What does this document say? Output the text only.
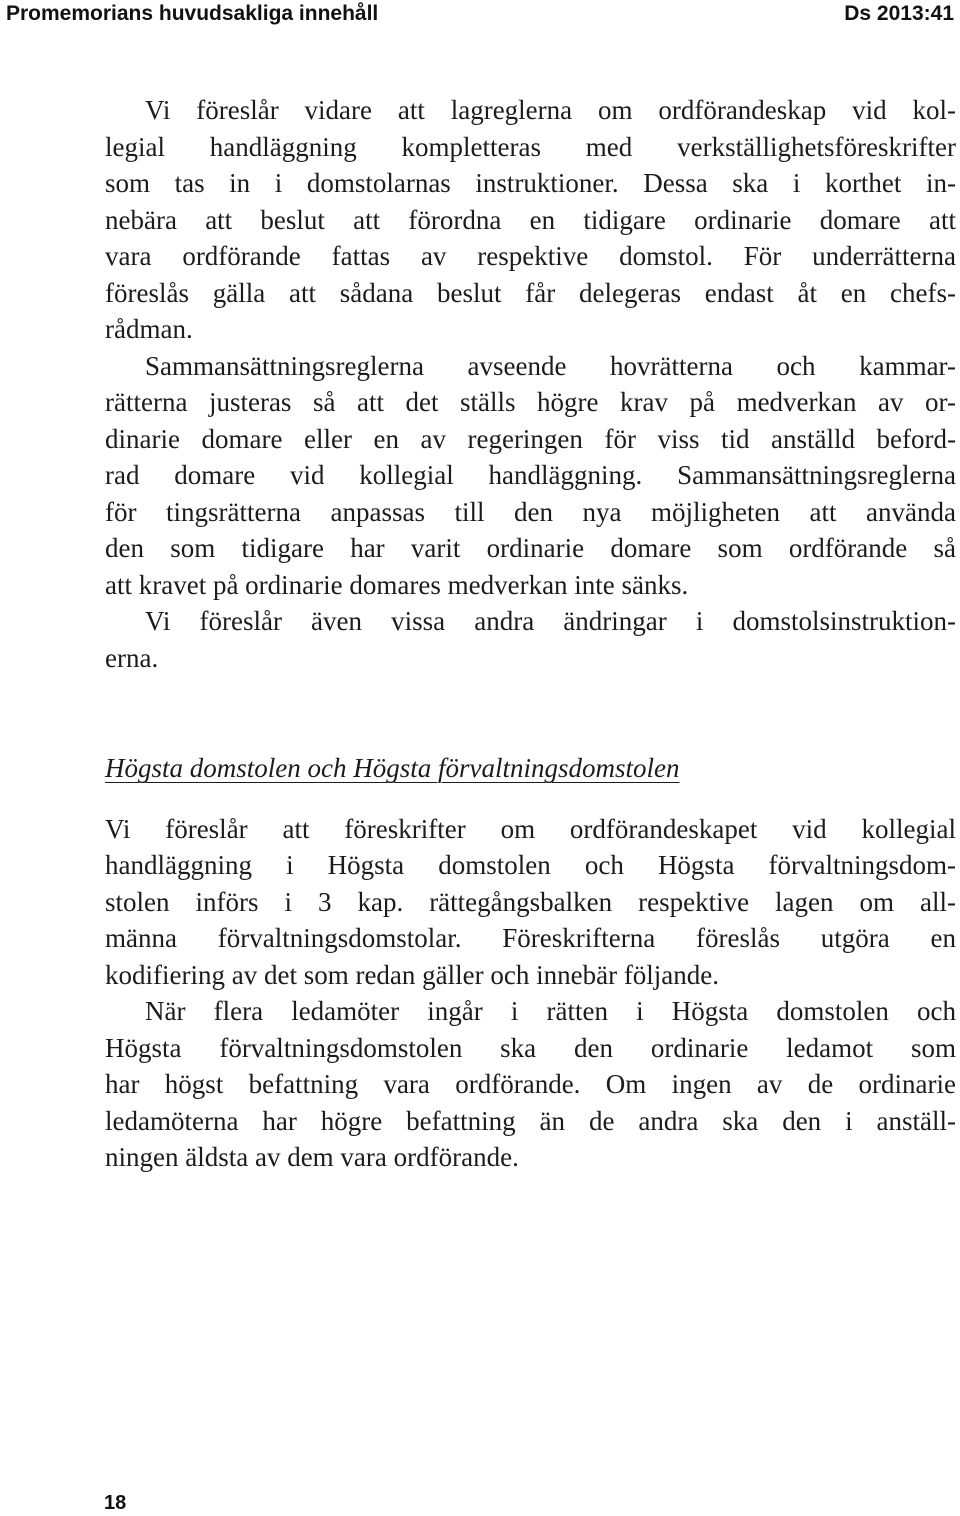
Promemorians huvudsakliga innehåll	Ds 2013:41
Vi föreslår vidare att lagreglerna om ordförandeskap vid kol-
legial handläggning kompletteras med verkställighetsföreskrifter
som tas in i domstolarnas instruktioner. Dessa ska i korthet in-
nebära att beslut att förordna en tidigare ordinarie domare att
vara ordförande fattas av respektive domstol. För underrätterna
föreslås gälla att sådana beslut får delegeras endast åt en chefs-
rådman.
Sammansättningsreglerna avseende hovrätterna och kammar-
rätterna justeras så att det ställs högre krav på medverkan av or-
dinarie domare eller en av regeringen för viss tid anställd beford-
rad domare vid kollegial handläggning. Sammansättningsreglerna
för tingsrätterna anpassas till den nya möjligheten att använda
den som tidigare har varit ordinarie domare som ordförande så
att kravet på ordinarie domares medverkan inte sänks.
Vi föreslår även vissa andra ändringar i domstolsinstruktion-
erna.
Högsta domstolen och Högsta förvaltningsdomstolen
Vi föreslår att föreskrifter om ordförandeskapet vid kollegial
handläggning i Högsta domstolen och Högsta förvaltningsdom-
stolen införs i 3 kap. rättegångsbalken respektive lagen om all-
männa förvaltningsdomstolar. Föreskrifterna föreslås utgöra en
kodifiering av det som redan gäller och innebär följande.
När flera ledamöter ingår i rätten i Högsta domstolen och
Högsta förvaltningsdomstolen ska den ordinarie ledamot som
har högst befattning vara ordförande. Om ingen av de ordinarie
ledamöterna har högre befattning än de andra ska den i anställ-
ningen äldsta av dem vara ordförande.
18
